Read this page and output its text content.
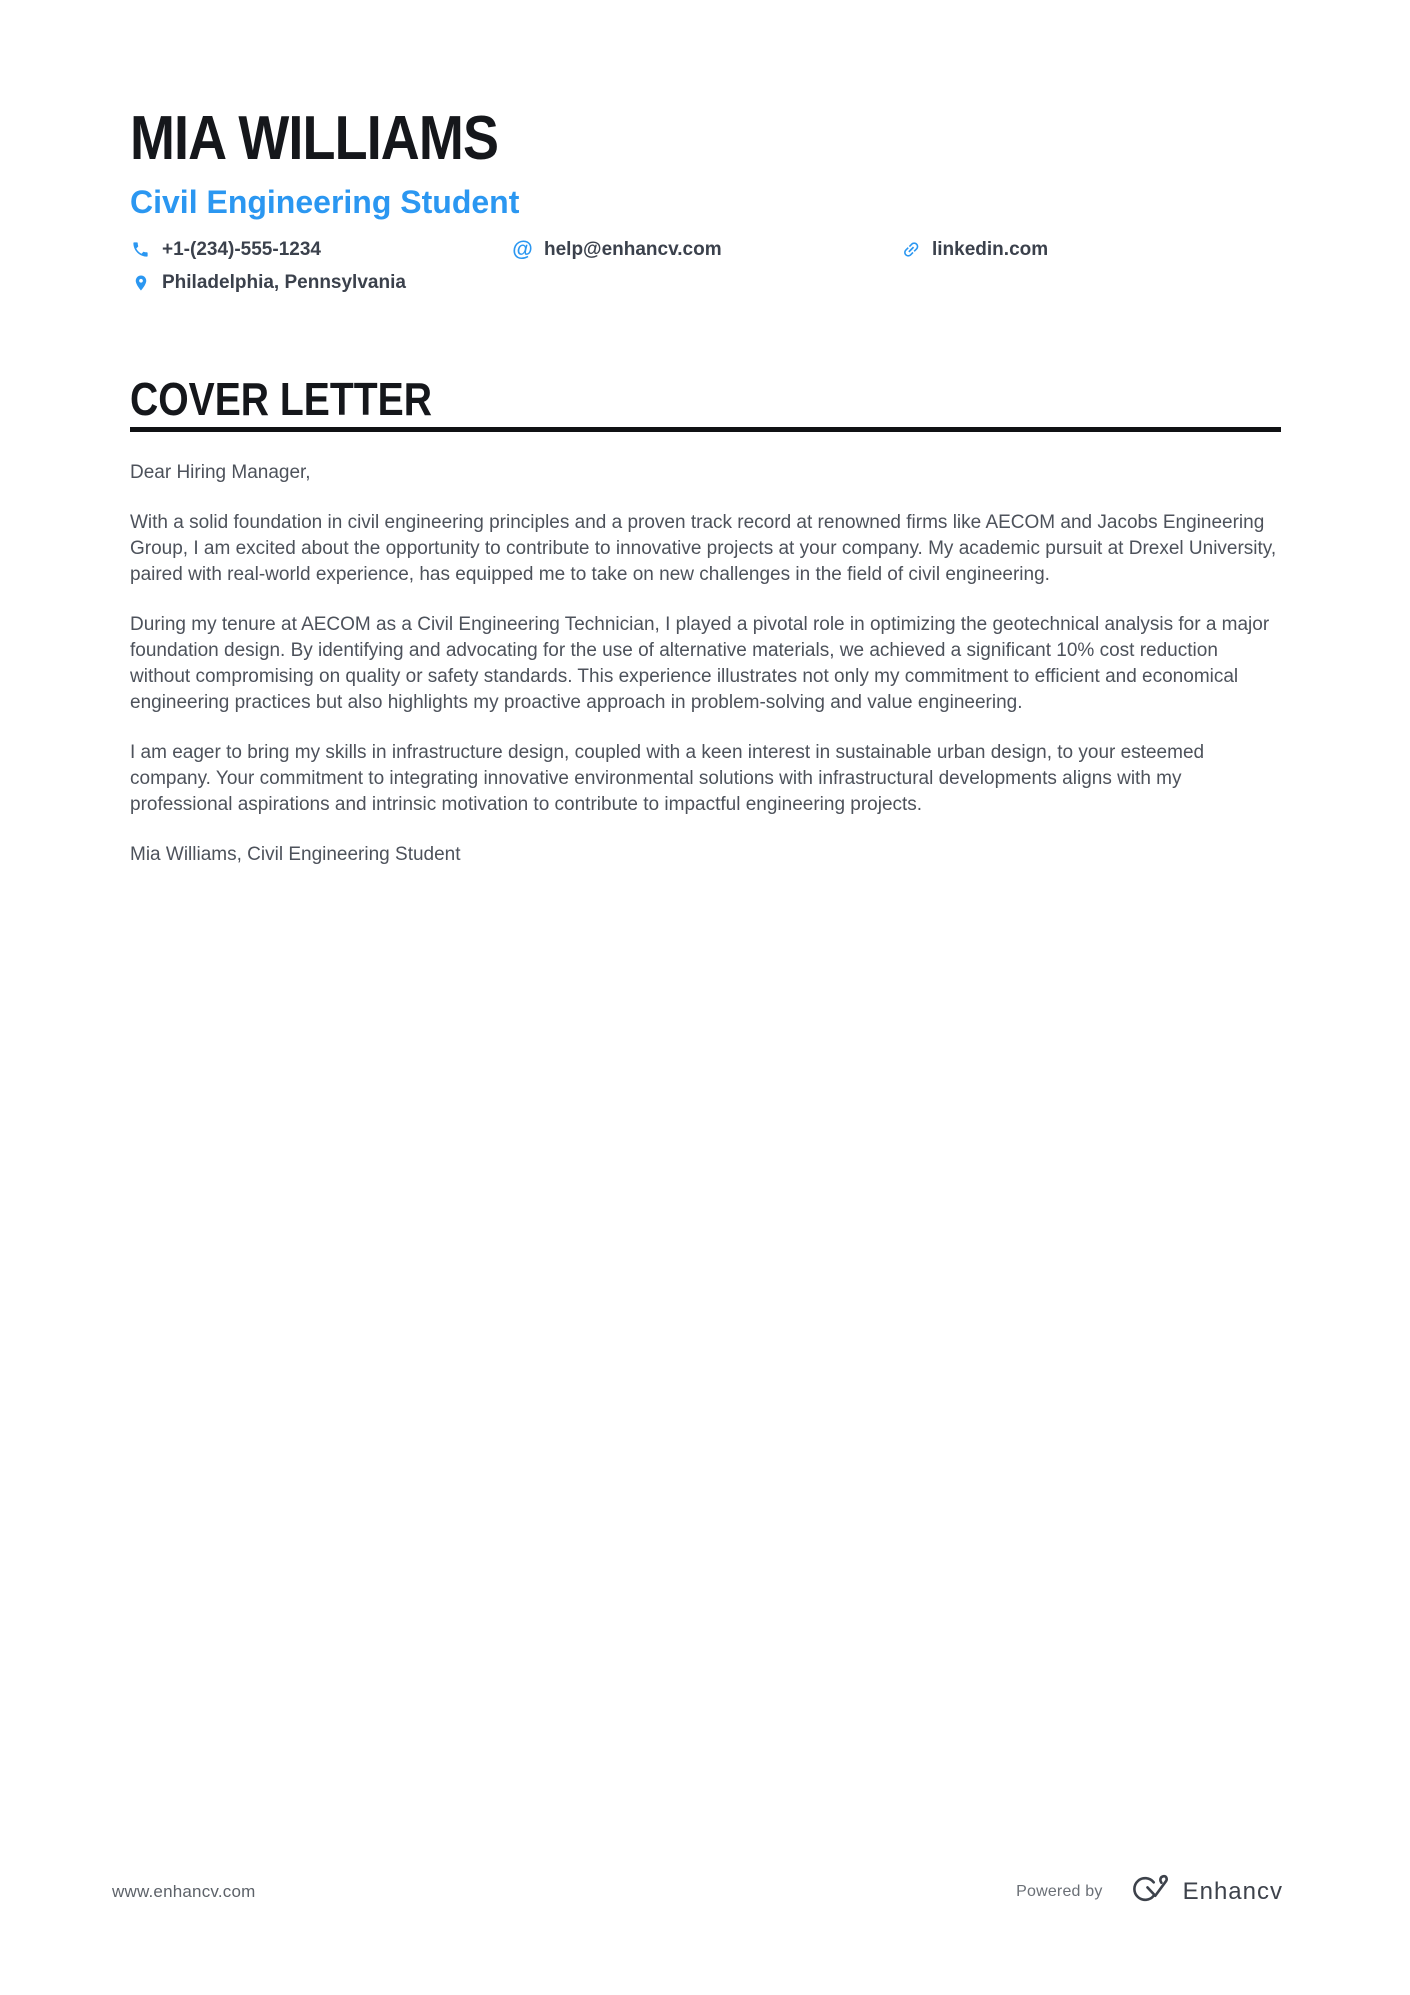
MIA WILLIAMS
Civil Engineering Student
+1-(234)-555-1234	@ help@enhancv.com	linkedin.com
Philadelphia, Pennsylvania
COVER LETTER

Dear Hiring Manager,

With a solid foundation in civil engineering principles and a proven track record at renowned firms like AECOM and Jacobs Engineering Group, I am excited about the opportunity to contribute to innovative projects at your company. My academic pursuit at Drexel University, paired with real-world experience, has equipped me to take on new challenges in the field of civil engineering.

During my tenure at AECOM as a Civil Engineering Technician, I played a pivotal role in optimizing the geotechnical analysis for a major foundation design. By identifying and advocating for the use of alternative materials, we achieved a significant 10% cost reduction without compromising on quality or safety standards. This experience illustrates not only my commitment to efficient and economical engineering practices but also highlights my proactive approach in problem-solving and value engineering.

I am eager to bring my skills in infrastructure design, coupled with a keen interest in sustainable urban design, to your esteemed company. Your commitment to integrating innovative environmental solutions with infrastructural developments aligns with my professional aspirations and intrinsic motivation to contribute to impactful engineering projects.

Mia Williams, Civil Engineering Student

www.enhancv.com	Powered by	Enhancv
